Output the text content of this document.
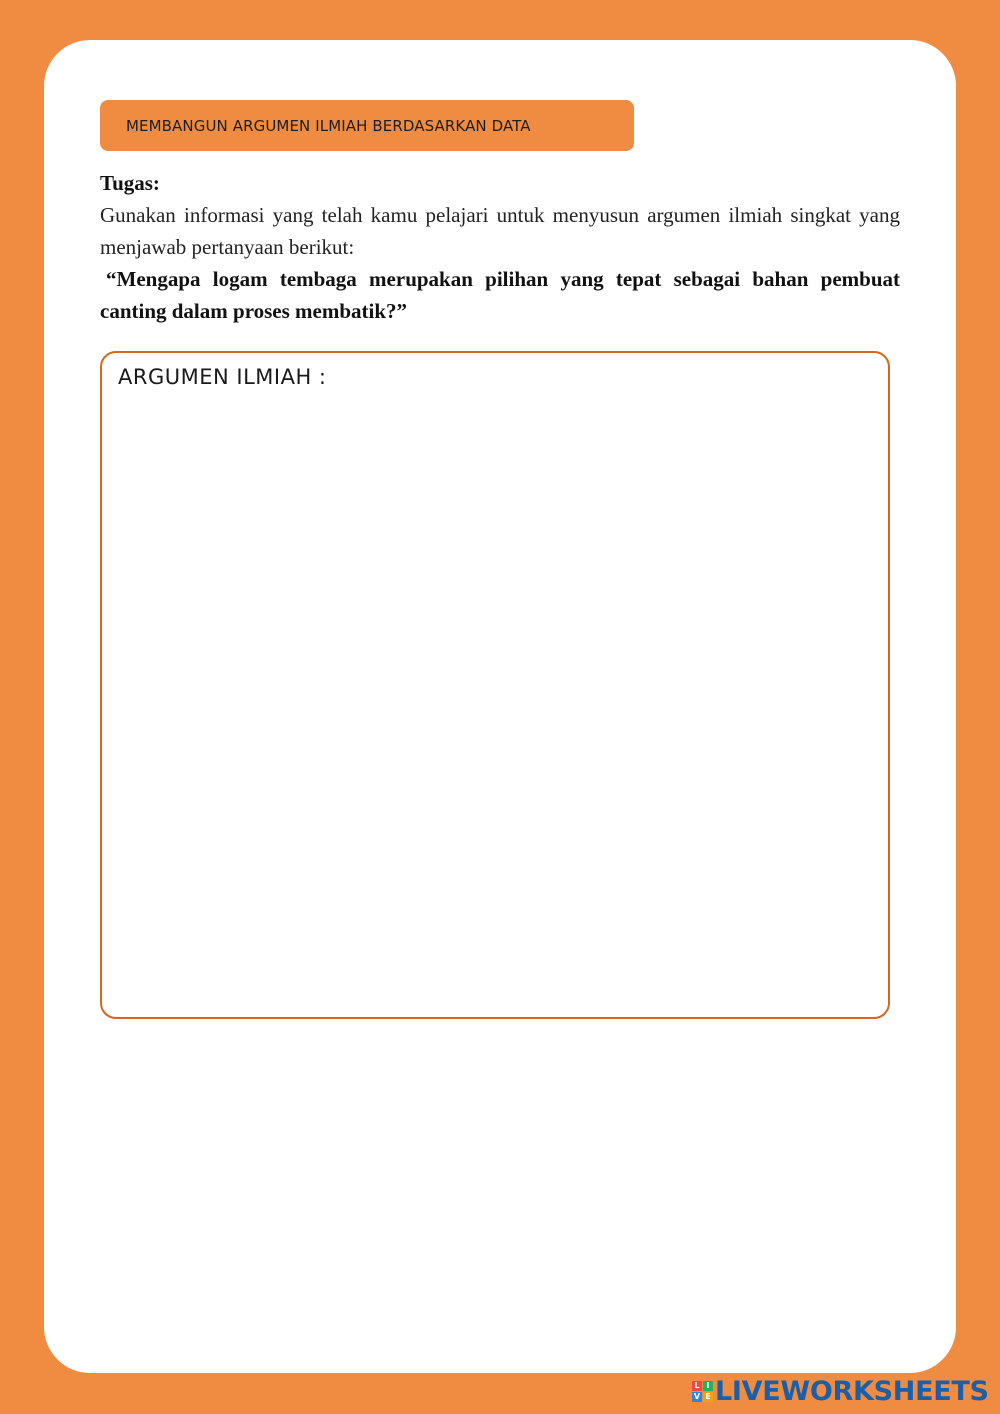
MEMBANGUN ARGUMEN ILMIAH BERDASARKAN DATA
Tugas:
Gunakan informasi yang telah kamu pelajari untuk menyusun argumen ilmiah singkat yang menjawab pertanyaan berikut:
“Mengapa logam tembaga merupakan pilihan yang tepat sebagai bahan pembuat canting dalam proses membatik?”
ARGUMEN ILMIAH :
L I
V E LIVEWORKSHEETS
